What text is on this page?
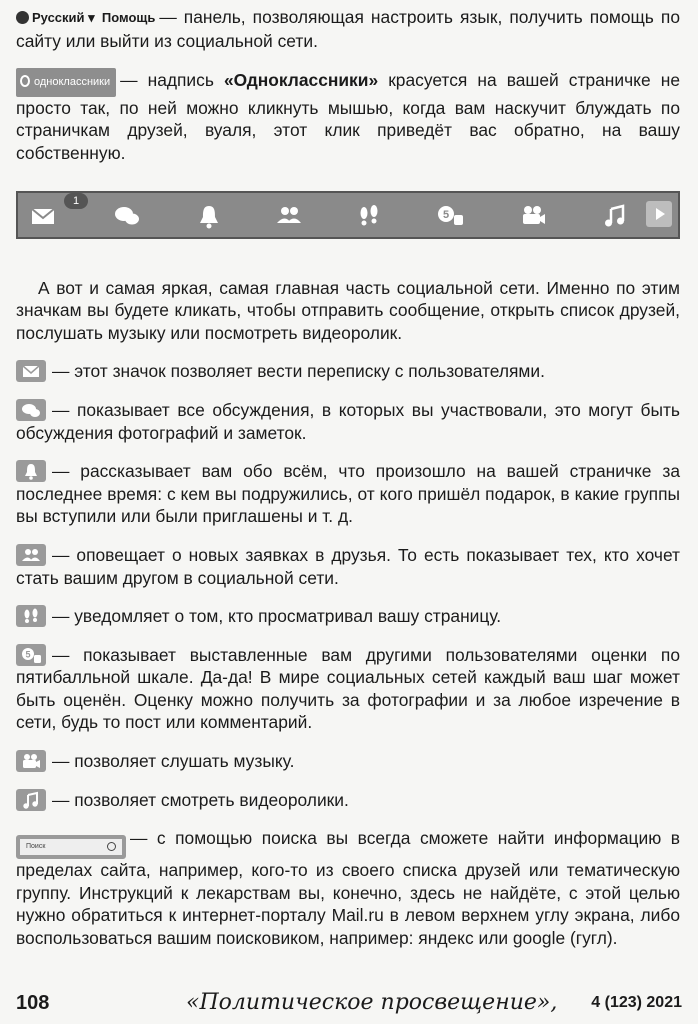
Русский ▾ Помощь — панель, позволяющая настроить язык, получить помощь по сайту или выйти из социальной сети.

одноклассники — надпись «Одноклассники» красуется на вашей страничке не просто так, по ней можно кликнуть мышью, когда вам наскучит блуждать по страничкам друзей, вуаля, этот клик приведёт вас обратно, на вашу собственную.

1
5

А вот и самая яркая, самая главная часть социальной сети. Именно по этим значкам вы будете кликать, чтобы отправить сообщение, открыть список друзей, послушать музыку или посмотреть видеоролик.

— этот значок позволяет вести переписку с пользователями.

— показывает все обсуждения, в которых вы участвовали, это могут быть обсуждения фотографий и заметок.

— рассказывает вам обо всём, что произошло на вашей страничке за последнее время: с кем вы подружились, от кого пришёл подарок, в какие группы вы вступили или были приглашены и т. д.

— оповещает о новых заявках в друзья. То есть показывает тех, кто хочет стать вашим другом в социальной сети.

— уведомляет о том, кто просматривал вашу страницу.

5 — показывает выставленные вам другими пользователями оценки по пятибалльной шкале. Да-да! В мире социальных сетей каждый ваш шаг может быть оценён. Оценку можно получить за фотографии и за любое изречение в сети, будь то пост или комментарий.

— позволяет слушать музыку.

— позволяет смотреть видеоролики.

Поиск	— с помощью поиска вы всегда сможете найти информацию в пределах сайта, например, кого-то из своего списка друзей или тематическую группу. Инструкций к лекарствам вы, конечно, здесь не найдёте, с этой целью нужно обратиться к интернет-порталу Mail.ru в левом верхнем углу экрана, либо воспользоваться вашим поисковиком, например: яндекс или google (гугл).

108	«Политическое просвещение», 4 (123) 2021
